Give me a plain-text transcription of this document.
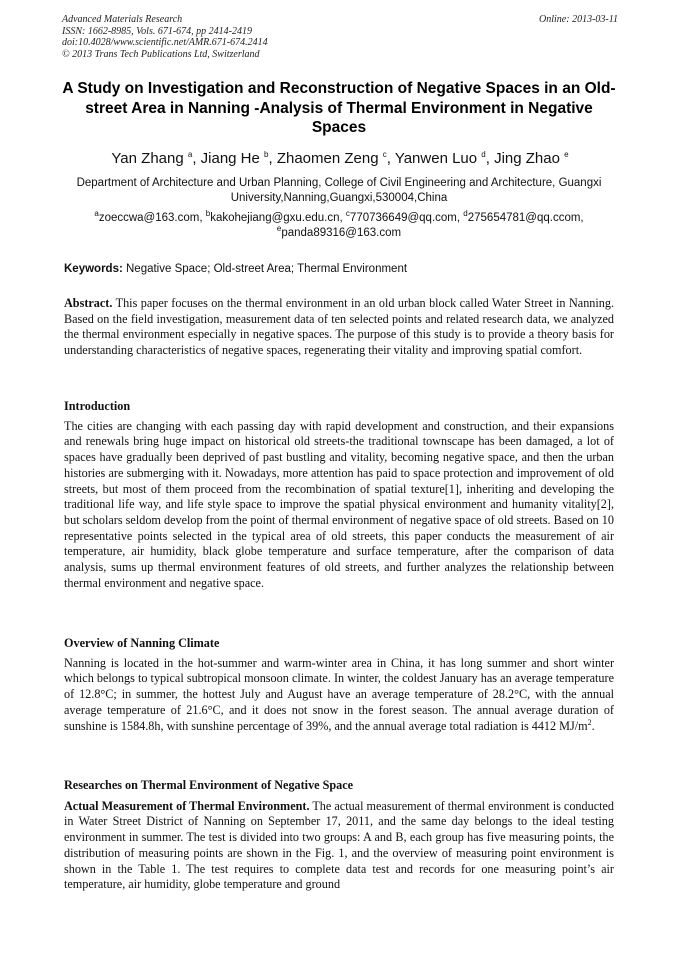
Advanced Materials Research
ISSN: 1662-8985, Vols. 671-674, pp 2414-2419
doi:10.4028/www.scientific.net/AMR.671-674.2414
© 2013 Trans Tech Publications Ltd, Switzerland
Online: 2013-03-11
A Study on Investigation and Reconstruction of Negative Spaces in an Old-street Area in Nanning -Analysis of Thermal Environment in Negative Spaces
Yan Zhang $^a$, Jiang He $^b$, Zhaomen Zeng $^c$, Yanwen Luo $^d$, Jing Zhao $^e$
Department of Architecture and Urban Planning, College of Civil Engineering and Architecture, Guangxi University,Nanning,Guangxi,530004,China
$^a$zoeccwa@163.com, $^b$kakohejiang@gxu.edu.cn, $^c$770736649@qq.com, $^d$275654781@qq.ccom,
$^e$panda89316@163.com
Keywords: Negative Space; Old-street Area; Thermal Environment
Abstract. This paper focuses on the thermal environment in an old urban block called Water Street in Nanning. Based on the field investigation, measurement data of ten selected points and related research data, we analyzed the thermal environment especially in negative spaces. The purpose of this study is to provide a theory basis for understanding characteristics of negative spaces, regenerating their vitality and improving spatial comfort.
Introduction
The cities are changing with each passing day with rapid development and construction, and their expansions and renewals bring huge impact on historical old streets-the traditional townscape has been damaged, a lot of spaces have gradually been deprived of past bustling and vitality, becoming negative space, and then the urban histories are submerging with it. Nowadays, more attention has paid to space protection and improvement of old streets, but most of them proceed from the recombination of spatial texture[1], inheriting and developing the traditional life way, and life style space to improve the spatial physical environment and humanity vitality[2], but scholars seldom develop from the point of thermal environment of negative space of old streets. Based on 10 representative points selected in the typical area of old streets, this paper conducts the measurement of air temperature, air humidity, black globe temperature and surface temperature, after the comparison of data analysis, sums up thermal environment features of old streets, and further analyzes the relationship between thermal environment and negative space.
Overview of Nanning Climate
Nanning is located in the hot-summer and warm-winter area in China, it has long summer and short winter which belongs to typical subtropical monsoon climate. In winter, the coldest January has an average temperature of 12.8°C; in summer, the hottest July and August have an average temperature of 28.2°C, with the annual average temperature of 21.6°C, and it does not snow in the forest season. The annual average duration of sunshine is 1584.8h, with sunshine percentage of 39%, and the annual average total radiation is 4412 $MJ/m^2$.
Researches on Thermal Environment of Negative Space
Actual Measurement of Thermal Environment. The actual measurement of thermal environment is conducted in Water Street District of Nanning on September 17, 2011, and the same day belongs to the ideal testing environment in summer. The test is divided into two groups: A and B, each group has five measuring points, the distribution of measuring points are shown in the Fig. 1, and the overview of measuring point environment is shown in the Table 1. The test requires to complete data test and records for one measuring point’s air temperature, air humidity, globe temperature and ground
